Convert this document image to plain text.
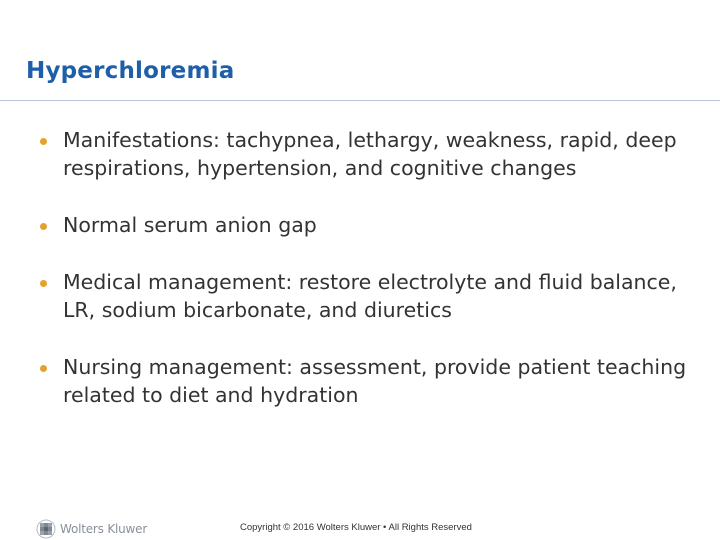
Hyperchloremia
Manifestations: tachypnea, lethargy, weakness, rapid, deep respirations, hypertension, and cognitive changes
Normal serum anion gap
Medical management: restore electrolyte and fluid balance, LR, sodium bicarbonate, and diuretics
Nursing management: assessment, provide patient teaching related to diet and hydration
Wolters Kluwer	Copyright © 2016 Wolters Kluwer • All Rights Reserved
